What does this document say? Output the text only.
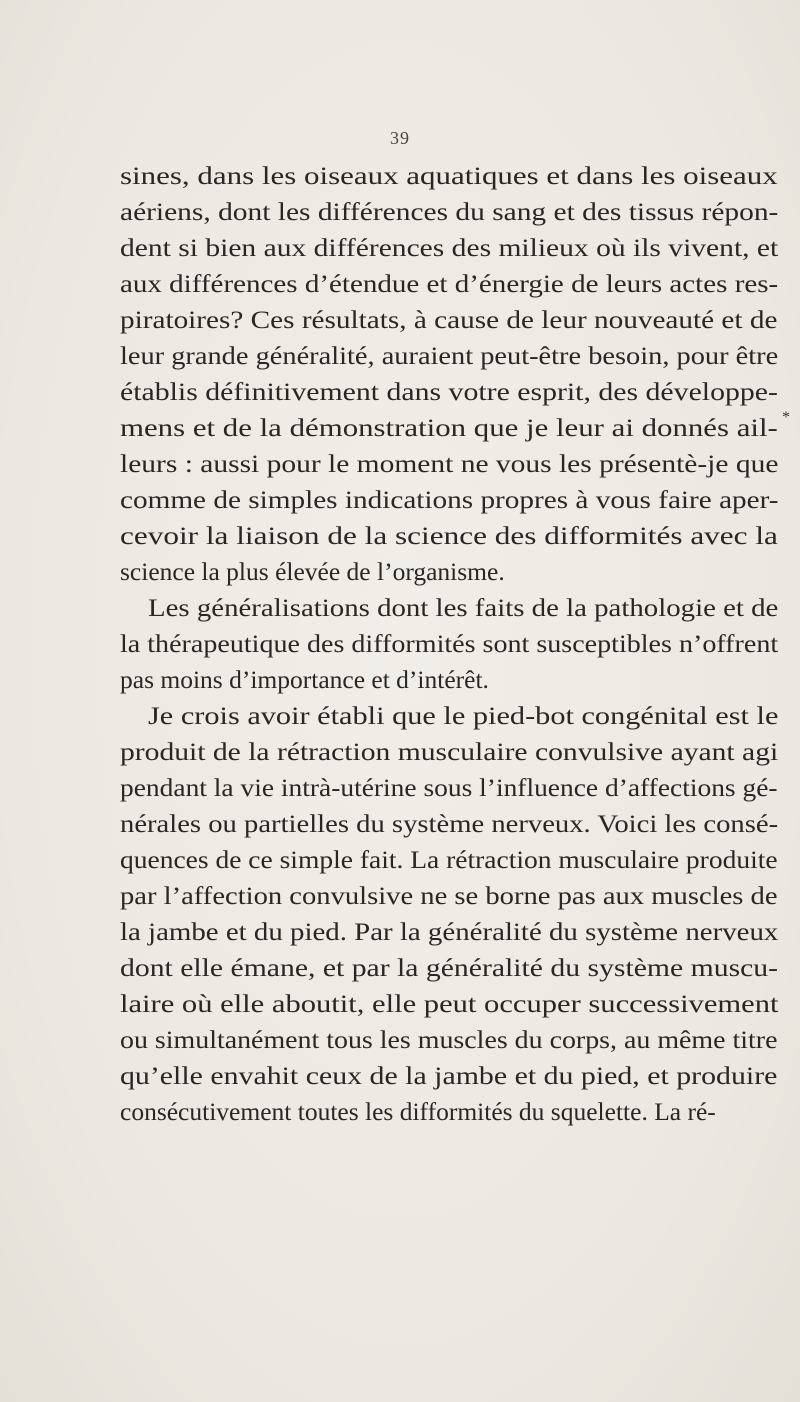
39
*
sines, dans les oiseaux aquatiques et dans les oiseaux
aériens, dont les différences du sang et des tissus répon-
dent si bien aux différences des milieux où ils vivent, et
aux différences d’étendue et d’énergie de leurs actes res-
piratoires? Ces résultats, à cause de leur nouveauté et de
leur grande généralité, auraient peut-être besoin, pour être
établis définitivement dans votre esprit, des développe-
mens et de la démonstration que je leur ai donnés ail-
leurs : aussi pour le moment ne vous les présentè-je que
comme de simples indications propres à vous faire aper-
cevoir la liaison de la science des difformités avec la
science la plus élevée de l’organisme.
Les généralisations dont les faits de la pathologie et de
la thérapeutique des difformités sont susceptibles n’offrent
pas moins d’importance et d’intérêt.
Je crois avoir établi que le pied-bot congénital est le
produit de la rétraction musculaire convulsive ayant agi
pendant la vie intrà-utérine sous l’influence d’affections gé-
nérales ou partielles du système nerveux. Voici les consé-
quences de ce simple fait. La rétraction musculaire produite
par l’affection convulsive ne se borne pas aux muscles de
la jambe et du pied. Par la généralité du système nerveux
dont elle émane, et par la généralité du système muscu-
laire où elle aboutit, elle peut occuper successivement
ou simultanément tous les muscles du corps, au même titre
qu’elle envahit ceux de la jambe et du pied, et produire
consécutivement toutes les difformités du squelette. La ré-
